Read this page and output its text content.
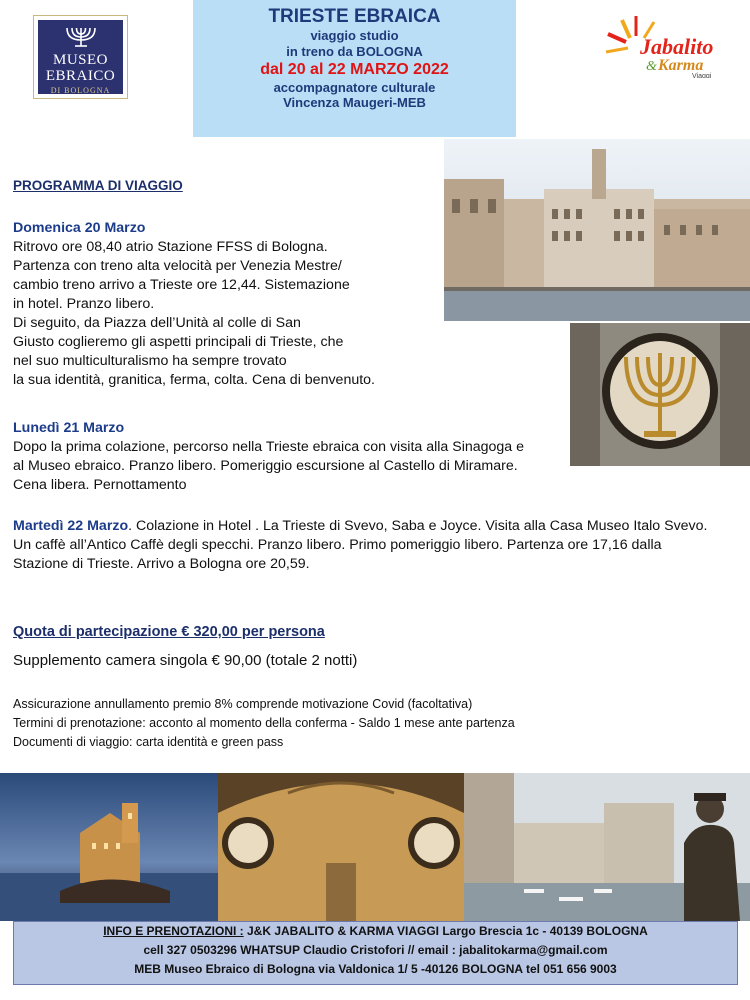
MUSEO
EBRAICO
DI BOLOGNA
TRIESTE EBRAICA
viaggio studio
in treno da BOLOGNA
dal 20 al 22 MARZO 2022
accompagnatore culturale
Vincenza Maugeri-MEB
Jabalito
& Karma
Viaggi
PROGRAMMA DI VIAGGIO
Domenica 20 Marzo
Ritrovo ore 08,40 atrio Stazione FFSS di Bologna.
Partenza con treno alta velocità per Venezia Mestre/
cambio treno arrivo a Trieste ore 12,44. Sistemazione
in hotel. Pranzo libero.
Di seguito, da Piazza dell’Unità al colle di San
Giusto coglieremo gli aspetti principali di Trieste, che
nel suo multiculturalismo ha sempre trovato
la sua identità, granitica, ferma, colta. Cena di benvenuto.
Lunedì 21 Marzo
Dopo la prima colazione, percorso nella Trieste ebraica con visita alla Sinagoga e
al Museo ebraico. Pranzo libero. Pomeriggio escursione al Castello di Miramare.
Cena libera. Pernottamento
Martedì 22 Marzo. Colazione in Hotel . La Trieste di Svevo, Saba e Joyce. Visita alla Casa Museo Italo Svevo.
Un caffè all’Antico Caffè degli specchi. Pranzo libero. Primo pomeriggio libero. Partenza ore 17,16 dalla
Stazione di Trieste. Arrivo a Bologna ore 20,59.
Quota di partecipazione € 320,00 per persona
Supplemento camera singola € 90,00 (totale 2 notti)
Assicurazione annullamento premio 8% comprende motivazione Covid (facoltativa)
Termini di prenotazione: acconto al momento della conferma - Saldo 1 mese ante partenza
Documenti di viaggio: carta identità e green pass
INFO E PRENOTAZIONI : J&K JABALITO & KARMA VIAGGI Largo Brescia 1c - 40139 BOLOGNA
cell 327 0503296 WHATSUP Claudio Cristofori // email : jabalitokarma@gmail.com
MEB Museo Ebraico di Bologna via Valdonica 1/ 5 -40126 BOLOGNA tel 051 656 9003
